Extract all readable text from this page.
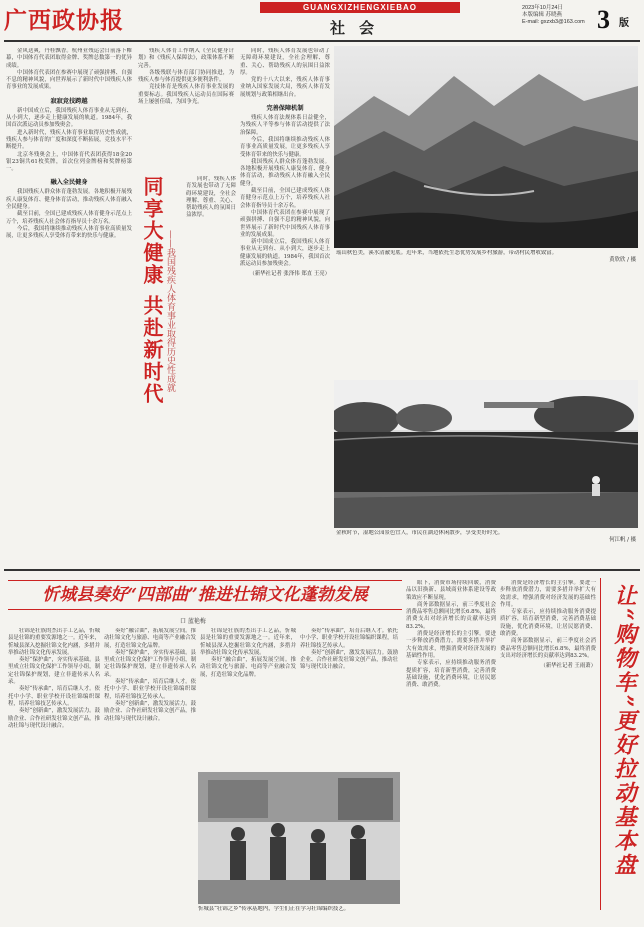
广西政协报	GUANGXIZHENGXIEBAO
社会
2023年10月24日
本版编辑 苏晓燕
E-mail: gxzxb3@163.com 3 版

金风送爽，丹桂飘香。杭州亚残运会日前落下帷幕，中国体育代表团取得金牌、奖牌总数第一的优异成绩。

中国体育代表团在参赛中展现了顽强拼搏、自强不息的精神风貌，向世界展示了新时代中国残疾人体育事业的发展成果。

寂寂竞技跨越

新中国成立后，我国残疾人体育事业从无到有、从小到大，逐步走上健康发展的轨道。1984年，我国首次派运动员参加残奥会。

进入新时代，残疾人体育事业取得历史性成就，残疾人参与体育的广度和深度不断拓展，竞技水平不断提升。

北京冬残奥会上，中国体育代表团获得18金20银23铜共61枚奖牌，首次位列金牌榜和奖牌榜第一。

融入全民健身

我国残疾人群众体育蓬勃发展。各地积极开展残疾人康复体育、健身体育活动，推动残疾人体育融入全民健身。

截至目前，全国已建成残疾人体育健身示范点上万个，培养残疾人社会体育指导员十余万名。

今后，我国将继续推动残疾人体育事业高质量发展，让更多残疾人享受体育带来的快乐与健康。	同享大健康 共赴新时代 ——我国残疾人体育事业取得历史性成就

残疾人体育工作纳入《全民健身计划》和《残疾人保障法》，政策体系不断完善。

各级残联与体育部门协同推进，为残疾人参与体育提供更多便利条件。

竞技体育是残疾人体育事业发展的重要标志。我国残疾人运动员在国际赛场上屡创佳绩，为国争光。

同时，残疾人体育发展也带动了无障碍环境建设，全社会理解、尊重、关心、帮助残疾人的氛围日益浓厚。

同时，残疾人体育发展也带动了无障碍环境建设，全社会理解、尊重、关心、帮助残疾人的氛围日益浓厚。

党的十八大以来，残疾人体育事业纳入国家发展大局，残疾人体育发展规划与政策相继出台。

完善保障机制

残疾人体育法规体系日益健全，为残疾人平等参与体育活动提供了法治保障。

今后，我国将继续推动残疾人体育事业高质量发展，让更多残疾人享受体育带来的快乐与健康。

我国残疾人群众体育蓬勃发展。各地积极开展残疾人康复体育、健身体育活动，推动残疾人体育融入全民健身。

截至目前，全国已建成残疾人体育健身示范点上万个，培养残疾人社会体育指导员十余万名。

中国体育代表团在参赛中展现了顽强拼搏、自强不息的精神风貌，向世界展示了新时代中国残疾人体育事业的发展成果。

新中国成立后，我国残疾人体育事业从无到有、从小到大，逐步走上健康发展的轨道。1984年，我国首次派运动员参加残奥会。

（新华社记者 张泽伟 郑直 王亮）

瑶山秋色美，溪水清澈见底。近年来，当地依托生态优势发展乡村旅游，带动村民增收致富。

黄欣欣 / 摄

金秋时节，湿地公园景色宜人，市民在湖边休闲散步，享受美好时光。

何江帆 / 摄

忻城县奏好“四部曲”推进壮锦文化蓬勃发展
口 蓝艳梅

壮锦是壮族的杰出手工艺品，忻城县是壮锦的重要发源地之一。近年来，忻城县深入挖掘壮锦文化内涵，多措并举推动壮锦文化传承发展。

奏好“保护曲”，夯实传承基础。县里成立壮锦文化保护工作领导小组，制定壮锦保护规划，建立非遗传承人名录。

奏好“传承曲”，培育后继人才。依托中小学、职业学校开设壮锦编织课程，培养壮锦技艺传承人。

奏好“创新曲”，激发发展活力。鼓励企业、合作社研发壮锦文创产品，推动壮锦与现代设计融合。

奏好“融合曲”，拓展发展空间。推动壮锦文化与旅游、电商等产业融合发展，打造壮锦文化品牌。

奏好“保护曲”，夯实传承基础。县里成立壮锦文化保护工作领导小组，制定壮锦保护规划，建立非遗传承人名录。

奏好“传承曲”，培育后继人才。依托中小学、职业学校开设壮锦编织课程，培养壮锦技艺传承人。

奏好“创新曲”，激发发展活力。鼓励企业、合作社研发壮锦文创产品，推动壮锦与现代设计融合。

壮锦是壮族的杰出手工艺品，忻城县是壮锦的重要发源地之一。近年来，忻城县深入挖掘壮锦文化内涵，多措并举推动壮锦文化传承发展。

奏好“融合曲”，拓展发展空间。推动壮锦文化与旅游、电商等产业融合发展，打造壮锦文化品牌。

奏好“传承曲”，培育后继人才。依托中小学、职业学校开设壮锦编织课程，培养壮锦技艺传承人。

奏好“创新曲”，激发发展活力。鼓励企业、合作社研发壮锦文创产品，推动壮锦与现代设计融合。

忻城县“壮锦之乡”传承基地内，学生们正在学习壮锦编织技艺。

眼下，消费市场持续回暖，消费品以旧换新、县域商业体系建设等政策效应不断显现。

商务部数据显示，前三季度社会消费品零售总额同比增长6.8%，最终消费支出对经济增长的贡献率达到83.2%。

消费是经济增长的主引擎。要进一步释放消费潜力，需要多措并举扩大有效需求，增强消费对经济发展的基础性作用。

专家表示，应持续推动服务消费提质扩容，培育新型消费，完善消费基础设施，优化消费环境，让居民愿消费、敢消费。

消费是经济增长的主引擎。要进一步释放消费潜力，需要多措并举扩大有效需求，增强消费对经济发展的基础性作用。

专家表示，应持续推动服务消费提质扩容，培育新型消费，完善消费基础设施，优化消费环境，让居民愿消费、敢消费。

商务部数据显示，前三季度社会消费品零售总额同比增长6.8%，最终消费支出对经济增长的贡献率达到83.2%。

（新华社记者 王雨萧） 让“购物车”更好拉动基本盘
